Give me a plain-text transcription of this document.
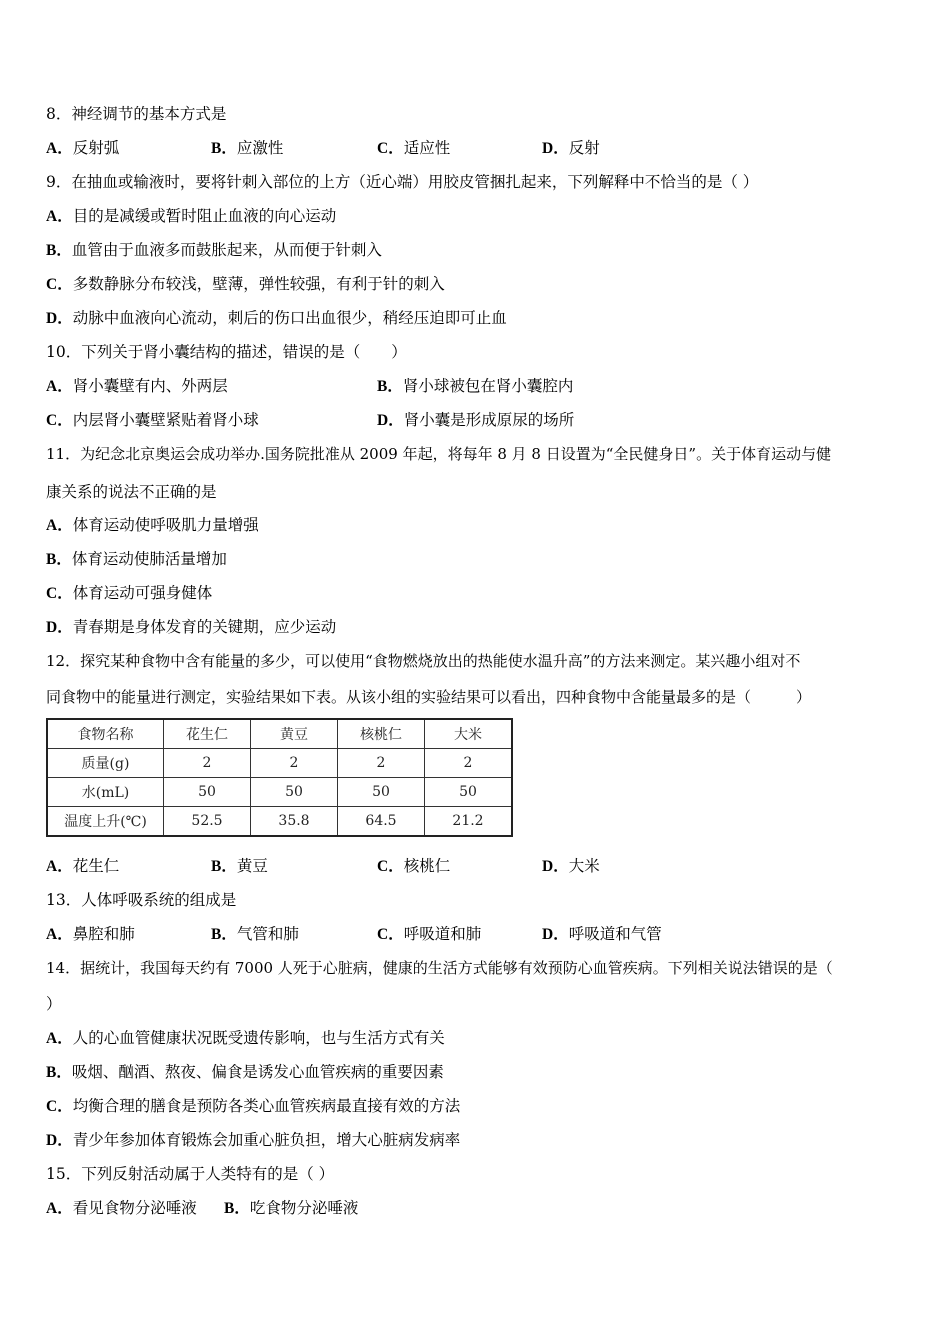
8．神经调节的基本方式是
A．反射弧	B．应激性	C．适应性	D．反射
9．在抽血或输液时，要将针刺入部位的上方（近心端）用胶皮管捆扎起来，下列解释中不恰当的是（ ）
A．目的是减缓或暂时阻止血液的向心运动
B．血管由于血液多而鼓胀起来，从而便于针刺入
C．多数静脉分布较浅，壁薄，弹性较强，有利于针的刺入
D．动脉中血液向心流动，刺后的伤口出血很少，稍经压迫即可止血
10．下列关于肾小囊结构的描述，错误的是（　　）
A．肾小囊壁有内、外两层	B．肾小球被包在肾小囊腔内
C．内层肾小囊壁紧贴着肾小球	D．肾小囊是形成原尿的场所
11．为纪念北京奥运会成功举办.国务院批准从 2009 年起，将每年 8 月 8 日设置为“全民健身日”。关于体育运动与健
康关系的说法不正确的是
A．体育运动使呼吸肌力量增强
B．体育运动使肺活量增加
C．体育运动可强身健体
D．青春期是身体发育的关键期，应少运动
12．探究某种食物中含有能量的多少，可以使用“食物燃烧放出的热能使水温升高”的方法来测定。某兴趣小组对不
同食物中的能量进行测定，实验结果如下表。从该小组的实验结果可以看出，四种食物中含能量最多的是（　　　）
食物名称	花生仁	黄豆	核桃仁	大米
质量(g)	2	2	2	2
水(mL)	50	50	50	50
温度上升(℃)	52.5	35.8	64.5	21.2
A．花生仁	B．黄豆	C．核桃仁	D．大米
13．人体呼吸系统的组成是
A．鼻腔和肺	B．气管和肺	C．呼吸道和肺	D．呼吸道和气管
14．据统计，我国每天约有 7000 人死于心脏病，健康的生活方式能够有效预防心血管疾病。下列相关说法错误的是（
）
A．人的心血管健康状况既受遗传影响，也与生活方式有关
B．吸烟、酗酒、熬夜、偏食是诱发心血管疾病的重要因素
C．均衡合理的膳食是预防各类心血管疾病最直接有效的方法
D．青少年参加体育锻炼会加重心脏负担，增大心脏病发病率
15．下列反射活动属于人类特有的是（ ）
A．看见食物分泌唾液 B．吃食物分泌唾液
